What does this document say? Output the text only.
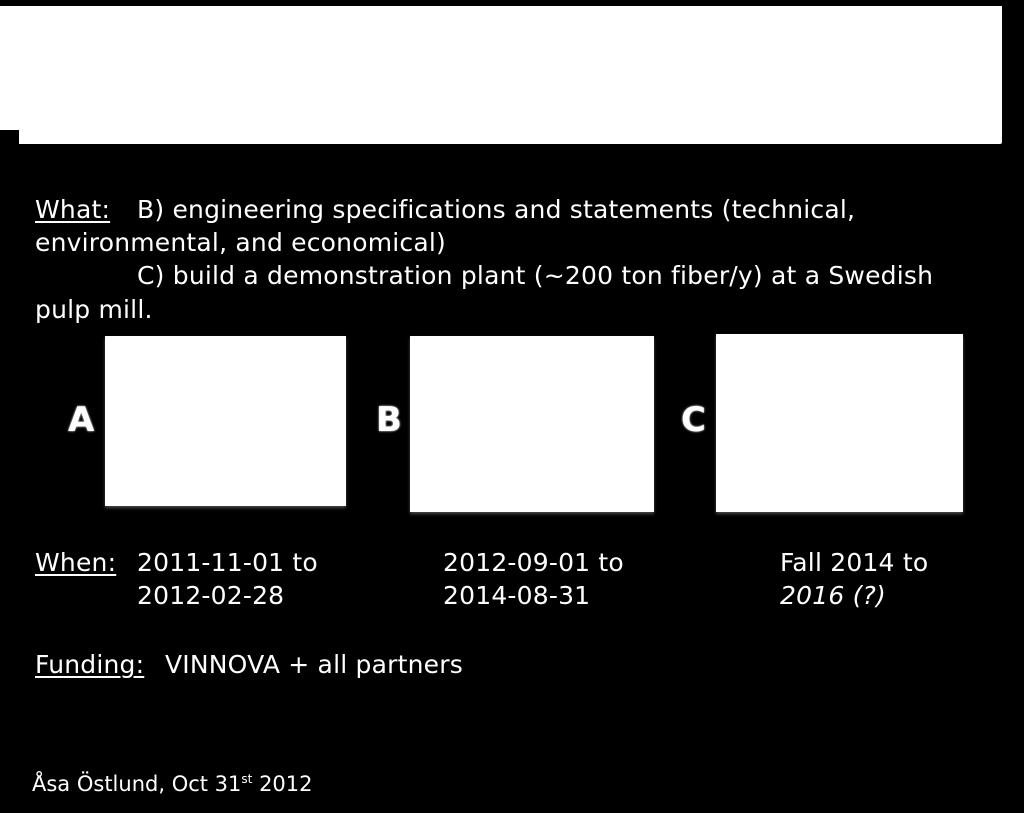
What: B) engineering specifications and statements (technical,
environmental, and economical)
C) build a demonstration plant (~200 ton fiber/y) at a Swedish
pulp mill.
A	B	C
When: 2011-11-01 to
2012-02-28
2012-09-01 to
2014-08-31
Fall 2014 to
2016 (?)
Funding: VINNOVA + all partners
Åsa Östlund, Oct 31st 2012
